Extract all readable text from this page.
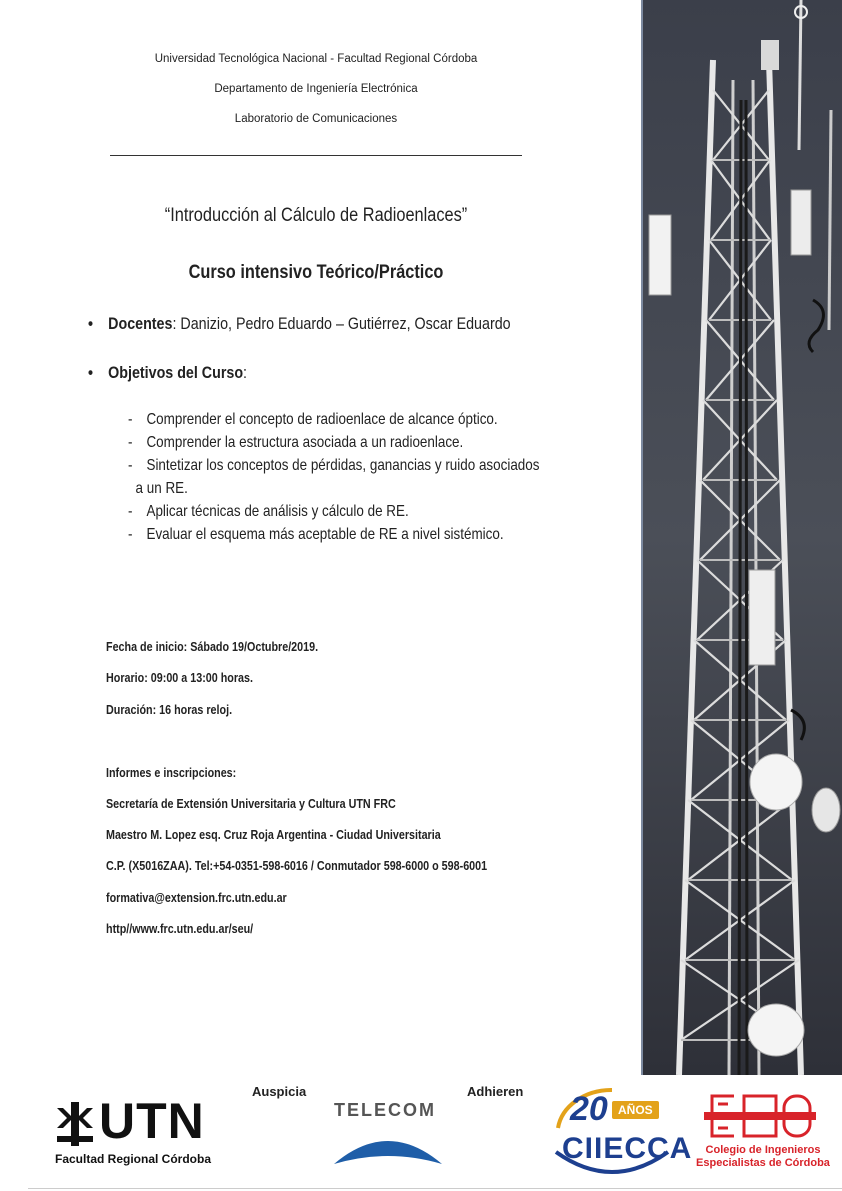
Universidad Tecnológica Nacional - Facultad Regional Córdoba
Departamento de Ingeniería Electrónica
Laboratorio de Comunicaciones
“Introducción al Cálculo de Radioenlaces”
Curso intensivo Teórico/Práctico
• Docentes: Danizio, Pedro Eduardo – Gutiérrez, Oscar Eduardo
• Objetivos del Curso:
- Comprender el concepto de radioenlace de alcance óptico.
- Comprender la estructura asociada a un radioenlace.
- Sintetizar los conceptos de pérdidas, ganancias y ruido asociados
a un RE.
- Aplicar técnicas de análisis y cálculo de RE.
- Evaluar el esquema más aceptable de RE a nivel sistémico.
Fecha de inicio: Sábado 19/Octubre/2019.
Horario: 09:00 a 13:00 horas.
Duración: 16 horas reloj.
Informes e inscripciones:
Secretaría de Extensión Universitaria y Cultura UTN FRC
Maestro M. Lopez esq. Cruz Roja Argentina - Ciudad Universitaria
C.P. (X5016ZAA). Tel:+54-0351-598-6016 / Conmutador 598-6000 o 598-6001
formativa@extension.frc.utn.edu.ar
http//www.frc.utn.edu.ar/seu/
Auspicia	Adhieren
UTN
Facultad Regional Córdoba
TELECOM	20 AÑOS
CIIECCA	Colegio de Ingenieros
Especialistas de Córdoba
